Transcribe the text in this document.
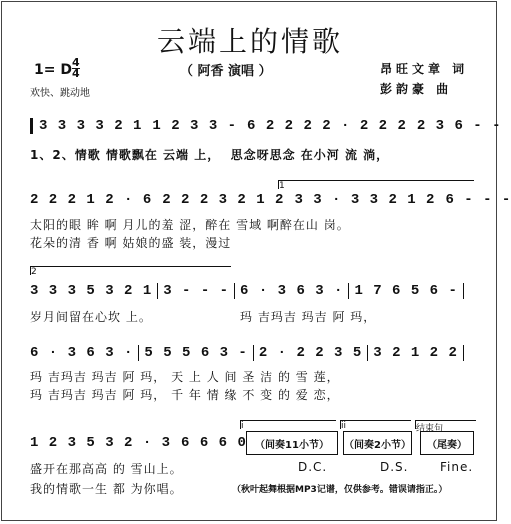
云端上的情歌
（ 阿香 演唱 ）
1= D 4
4
欢快、跳动地
昂旺文章 词
彭韵豪 曲
3 3 3 3 2 1 1 2 3 3 - 6 2 2 2 2 · 2 2 2 2 3 6 - -
1、2、情歌 情歌飘在 云端 上，
思念呀思念 在小河 流 淌，
1
2 2 2 1 2 · 6 2 2 2 3 2 1 2 3 3 · 3 3 2 1 2 6 - - -
太阳的眼 眸 啊 月儿的羞 涩，醉在 雪域 啊醉在山 岗。
花朵的清 香 啊 姑娘的盛 装，漫过
2
3 3 3 5 3 2 1 3 - - - 6 · 3 6 3 · 1 7 6 5 6 -
岁月间留在心坎 上。	玛 吉玛吉 玛吉 阿 玛，
6 · 3 6 3 · 5 5 5 6 3 - 2 · 2 2 3 5 3 2 1 2 2
玛 吉玛吉 玛吉 阿 玛， 天 上 人 间 圣 洁 的 雪 莲，
玛 吉玛吉 玛吉 阿 玛， 千 年 情 缘 不 变 的 爱 恋，
i	ii	结束句
1 2 3 5 3 2 · 3 6 6 6 0 （间奏11小节）	（间奏2小节）	（尾奏）
盛开在那高高 的 雪山上。
我的情歌一生 都 为你唱。
D.C.	D.S.	Fine.
（秋叶起舞根据MP3记谱，仅供参考。错误请指正。）
